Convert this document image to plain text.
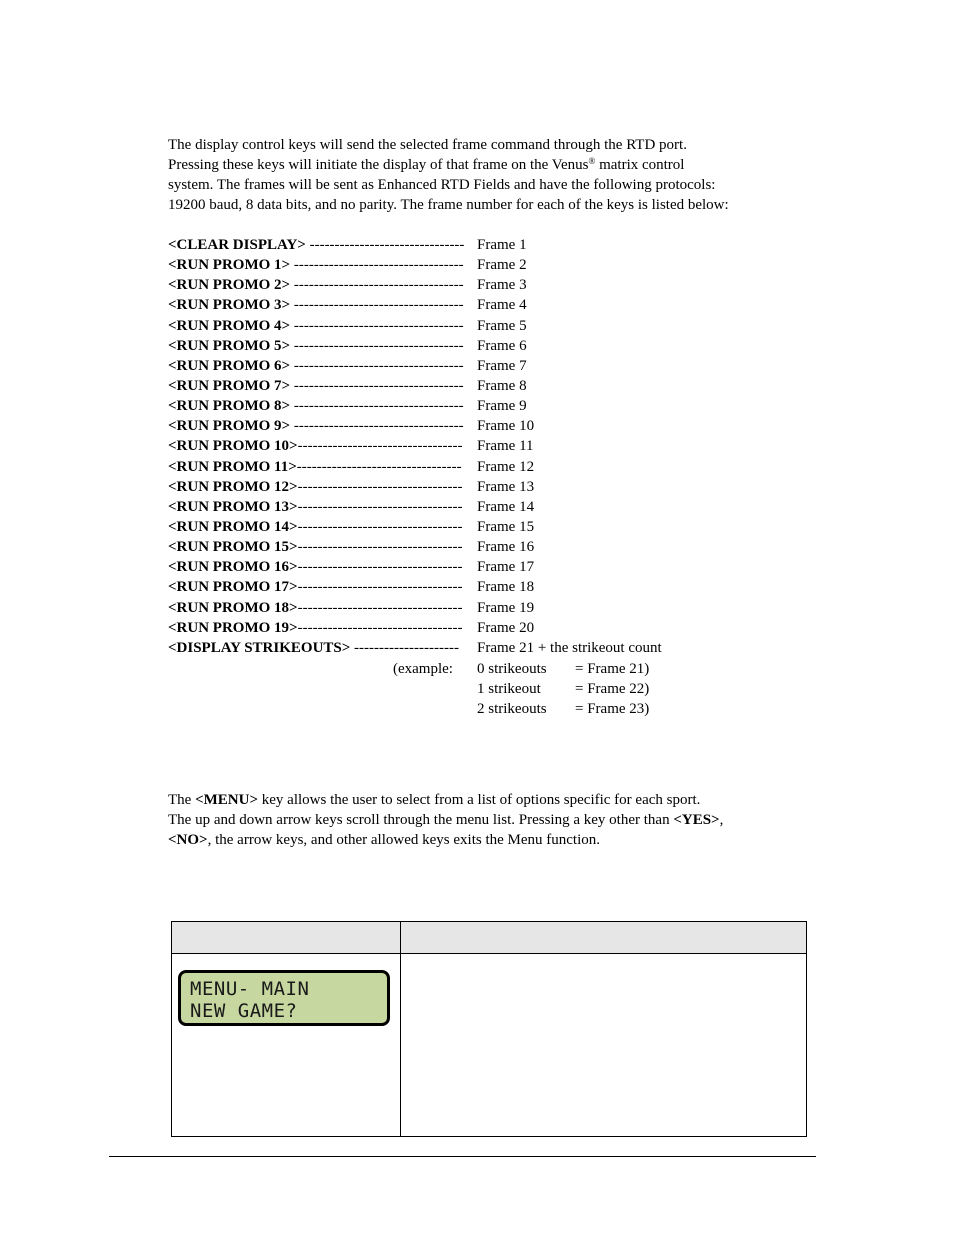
The display control keys will send the selected frame command through the RTD port.
Pressing these keys will initiate the display of that frame on the Venus® matrix control
system. The frames will be sent as Enhanced RTD Fields and have the following protocols:
19200 baud, 8 data bits, and no parity. The frame number for each of the keys is listed below:

<CLEAR DISPLAY> ------------------------------- Frame 1
<RUN PROMO 1> ---------------------------------- Frame 2
<RUN PROMO 2> ---------------------------------- Frame 3
<RUN PROMO 3> ---------------------------------- Frame 4
<RUN PROMO 4> ---------------------------------- Frame 5
<RUN PROMO 5> ---------------------------------- Frame 6
<RUN PROMO 6> ---------------------------------- Frame 7
<RUN PROMO 7> ---------------------------------- Frame 8
<RUN PROMO 8> ---------------------------------- Frame 9
<RUN PROMO 9> ---------------------------------- Frame 10
<RUN PROMO 10>--------------------------------- Frame 11
<RUN PROMO 11>--------------------------------- Frame 12
<RUN PROMO 12>--------------------------------- Frame 13
<RUN PROMO 13>--------------------------------- Frame 14
<RUN PROMO 14>--------------------------------- Frame 15
<RUN PROMO 15>--------------------------------- Frame 16
<RUN PROMO 16>--------------------------------- Frame 17
<RUN PROMO 17>--------------------------------- Frame 18
<RUN PROMO 18>--------------------------------- Frame 19
<RUN PROMO 19>--------------------------------- Frame 20
<DISPLAY STRIKEOUTS> --------------------- Frame 21 + the strikeout count
(example: 0 strikeouts = Frame 21)
1 strikeout = Frame 22)
2 strikeouts = Frame 23)

The <MENU> key allows the user to select from a list of options specific for each sport.
The up and down arrow keys scroll through the menu list. Pressing a key other than <YES>,
<NO>, the arrow keys, and other allowed keys exits the Menu function.

MENU- MAIN
NEW GAME?
